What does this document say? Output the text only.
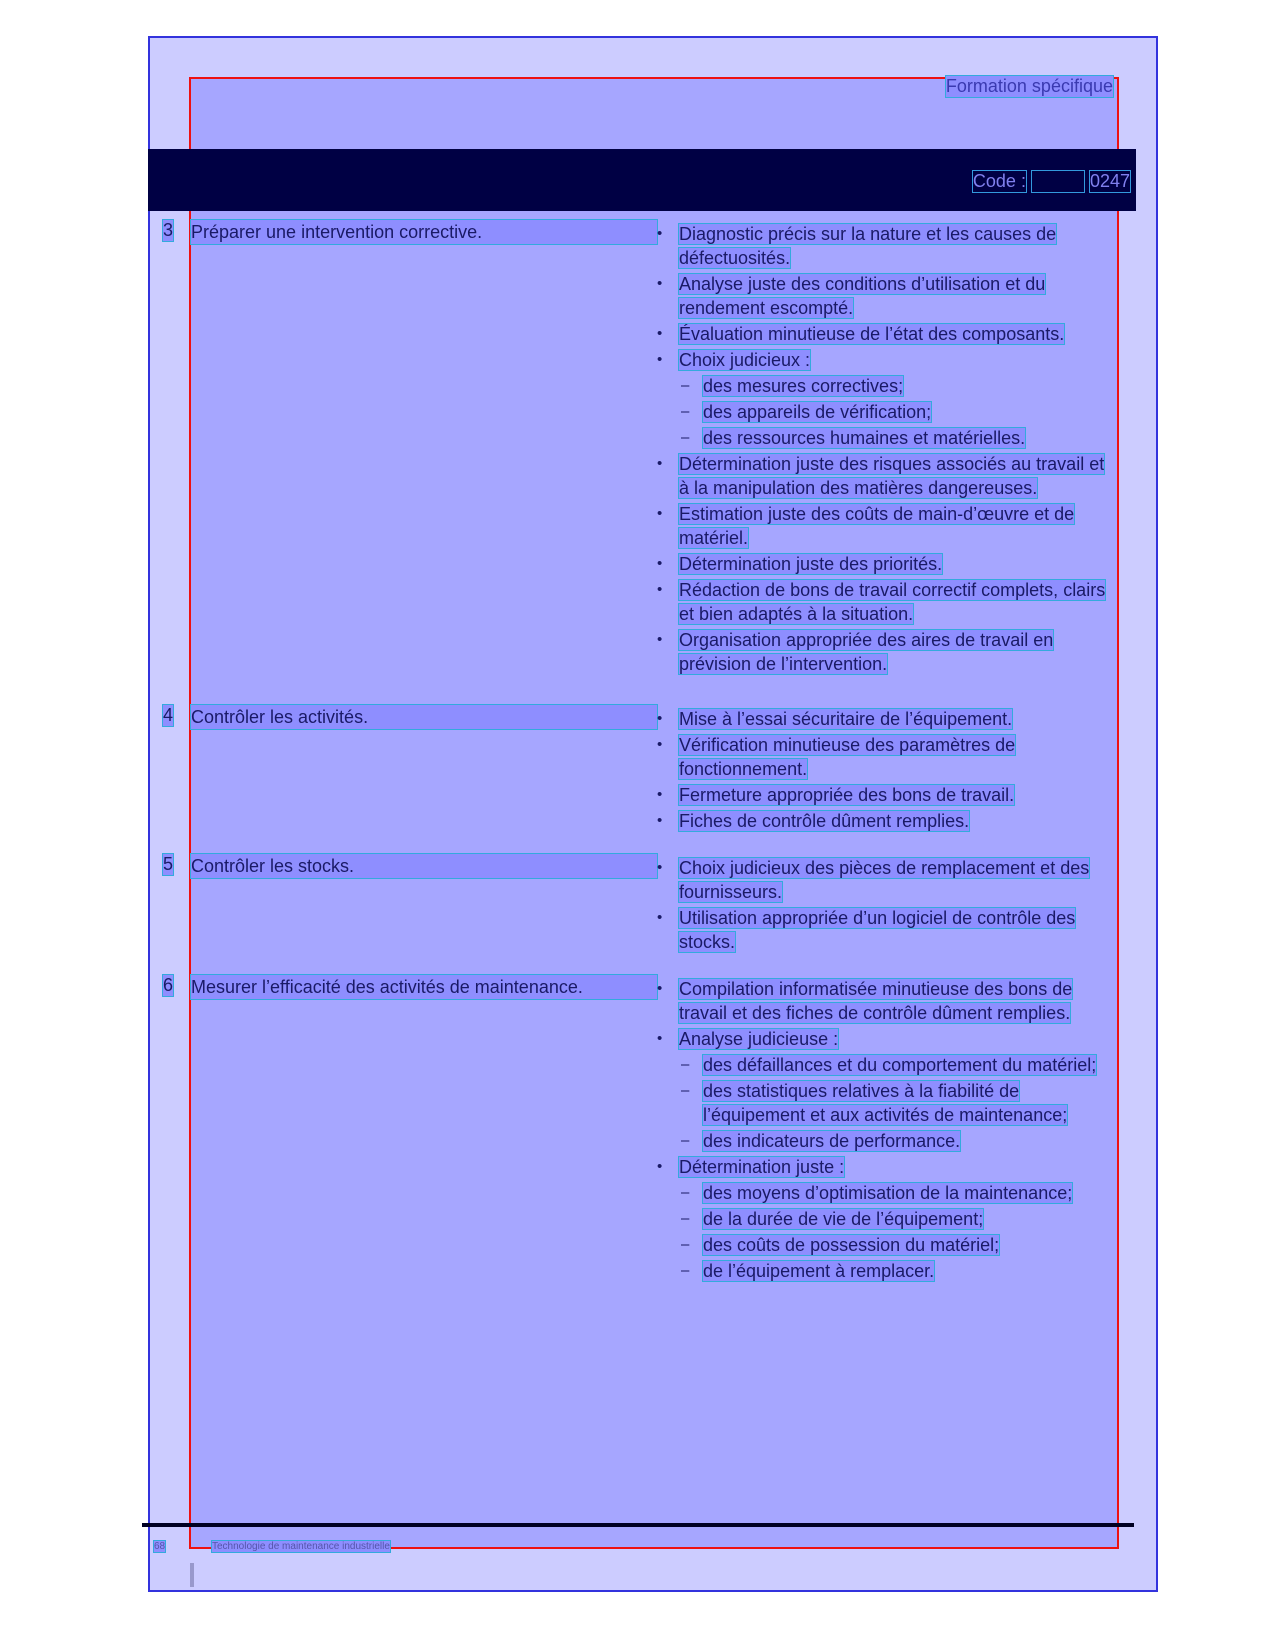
Formation spécifique
Code :	0247
3 Préparer une intervention corrective.	• Diagnostic précis sur la nature et les causes de défectuosités.
• Analyse juste des conditions d’utilisation et du rendement escompté.
• Évaluation minutieuse de l’état des composants.
• Choix judicieux :
– des mesures correctives;
– des appareils de vérification;
– des ressources humaines et matérielles.
• Détermination juste des risques associés au travail et à la manipulation des matières dangereuses.
• Estimation juste des coûts de main-d’œuvre et de matériel.
• Détermination juste des priorités.
• Rédaction de bons de travail correctif complets, clairs et bien adaptés à la situation.
• Organisation appropriée des aires de travail en prévision de l’intervention.
4 Contrôler les activités.	• Mise à l’essai sécuritaire de l’équipement.
• Vérification minutieuse des paramètres de fonctionnement.
• Fermeture appropriée des bons de travail.
• Fiches de contrôle dûment remplies.
5 Contrôler les stocks.	• Choix judicieux des pièces de remplacement et des fournisseurs.
• Utilisation appropriée d’un logiciel de contrôle des stocks.
6 Mesurer l’efficacité des activités de maintenance.	• Compilation informatisée minutieuse des bons de travail et des fiches de contrôle dûment remplies.
• Analyse judicieuse :
– des défaillances et du comportement du matériel;
– des statistiques relatives à la fiabilité de l’équipement et aux activités de maintenance;
– des indicateurs de performance.
• Détermination juste :
– des moyens d’optimisation de la maintenance;
– de la durée de vie de l’équipement;
– des coûts de possession du matériel;
– de l’équipement à remplacer.
68	Technologie de maintenance industrielle
